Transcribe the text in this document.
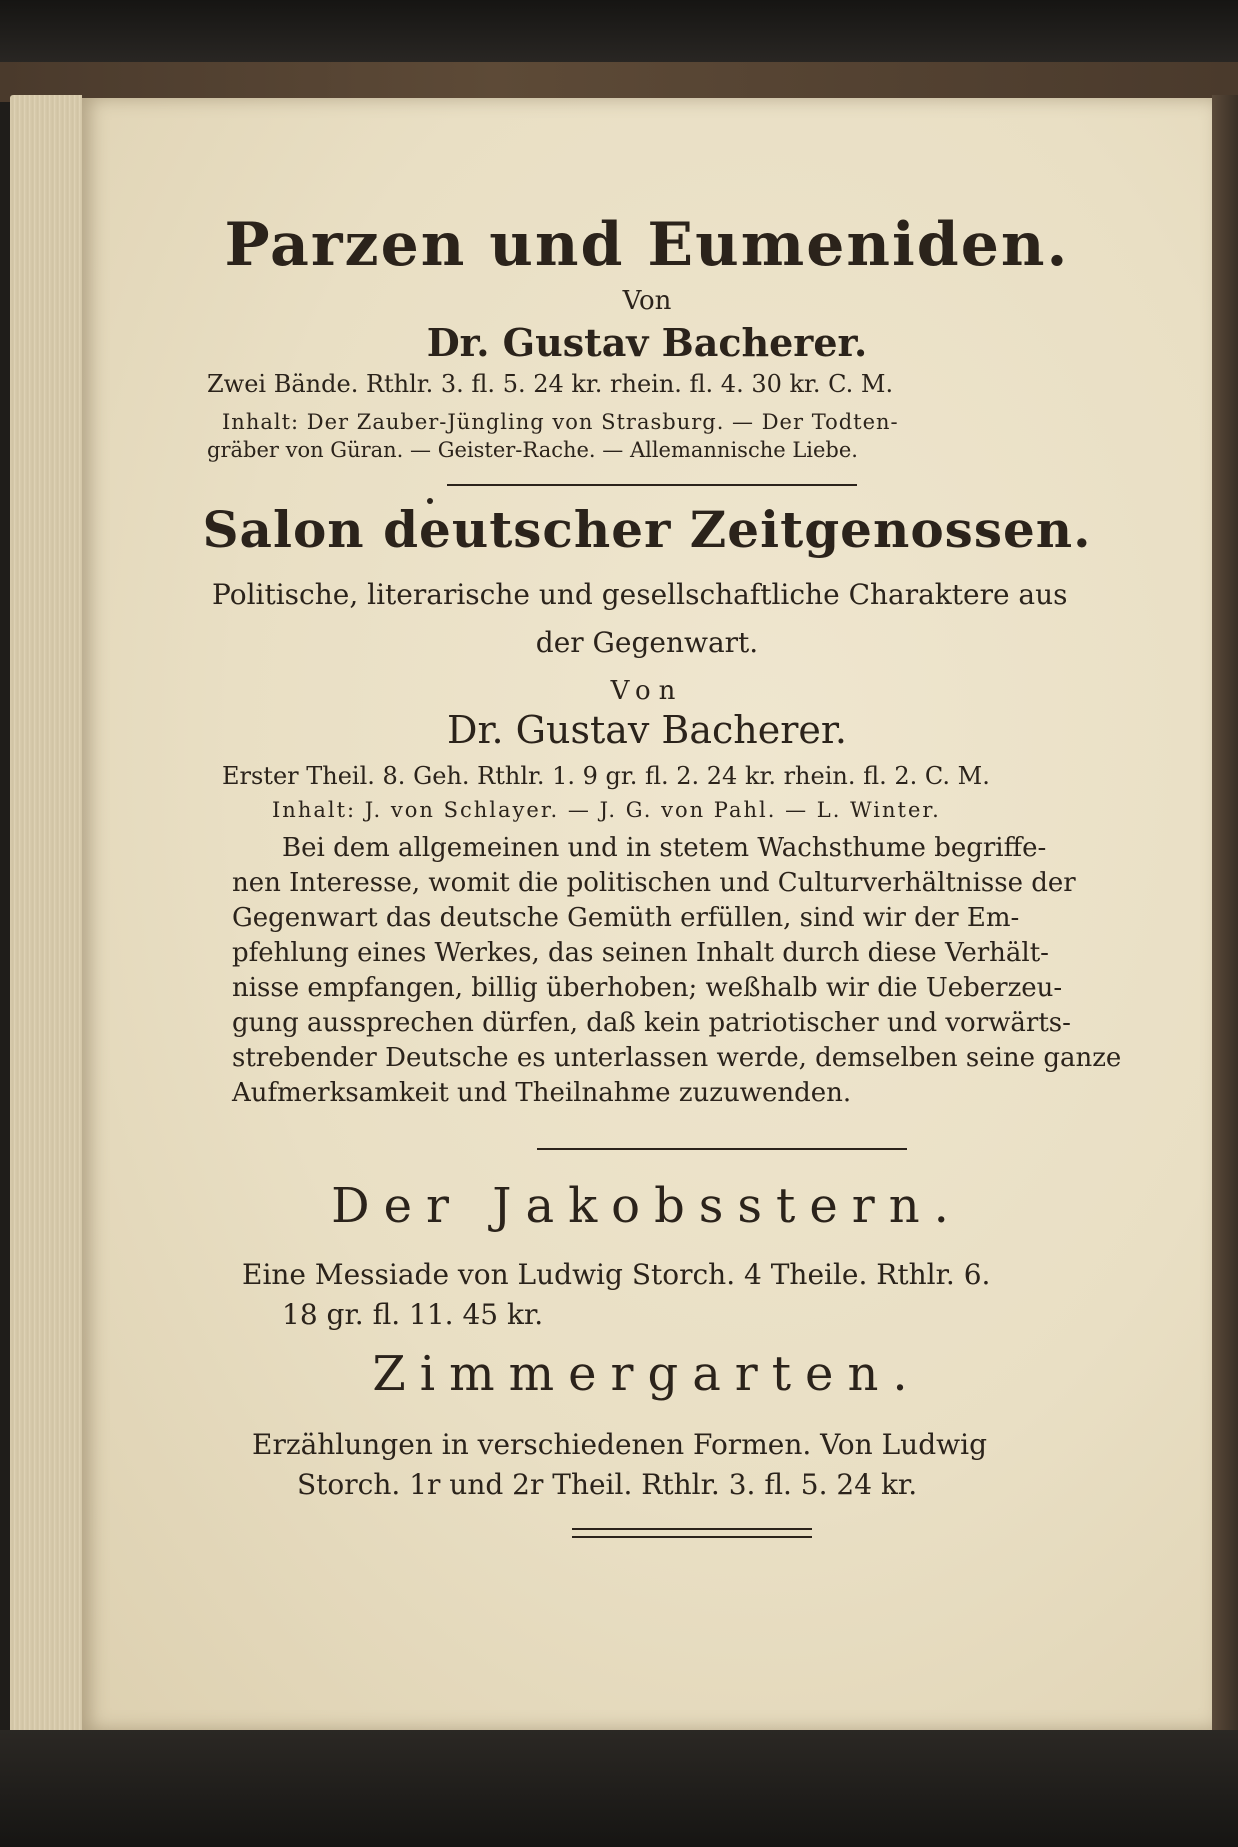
Parzen und Eumeniden.
Von
Dr. Gustav Bacherer.
Zwei Bände. Rthlr. 3. fl. 5. 24 kr. rhein. fl. 4. 30 kr. C. M.
Inhalt: Der Zauber-Jüngling von Strasburg. — Der Todten-
gräber von Güran. — Geister-Rache. — Allemannische Liebe.
Salon deutscher Zeitgenossen.
Politische, literarische und gesellschaftliche Charaktere aus
der Gegenwart.
Von
Dr. Gustav Bacherer.
Erster Theil. 8. Geh. Rthlr. 1. 9 gr. fl. 2. 24 kr. rhein. fl. 2. C. M.
Inhalt: J. von Schlayer. — J. G. von Pahl. — L. Winter.
Bei dem allgemeinen und in stetem Wachsthume begriffe-
nen Interesse, womit die politischen und Culturverhältnisse der
Gegenwart das deutsche Gemüth erfüllen, sind wir der Em-
pfehlung eines Werkes, das seinen Inhalt durch diese Verhält-
nisse empfangen, billig überhoben; weßhalb wir die Ueberzeu-
gung aussprechen dürfen, daß kein patriotischer und vorwärts-
strebender Deutsche es unterlassen werde, demselben seine ganze
Aufmerksamkeit und Theilnahme zuzuwenden.
Der Jakobsstern.
Eine Messiade von Ludwig Storch. 4 Theile. Rthlr. 6.
18 gr. fl. 11. 45 kr.
Zimmergarten.
Erzählungen in verschiedenen Formen. Von Ludwig
Storch. 1r und 2r Theil. Rthlr. 3. fl. 5. 24 kr.
